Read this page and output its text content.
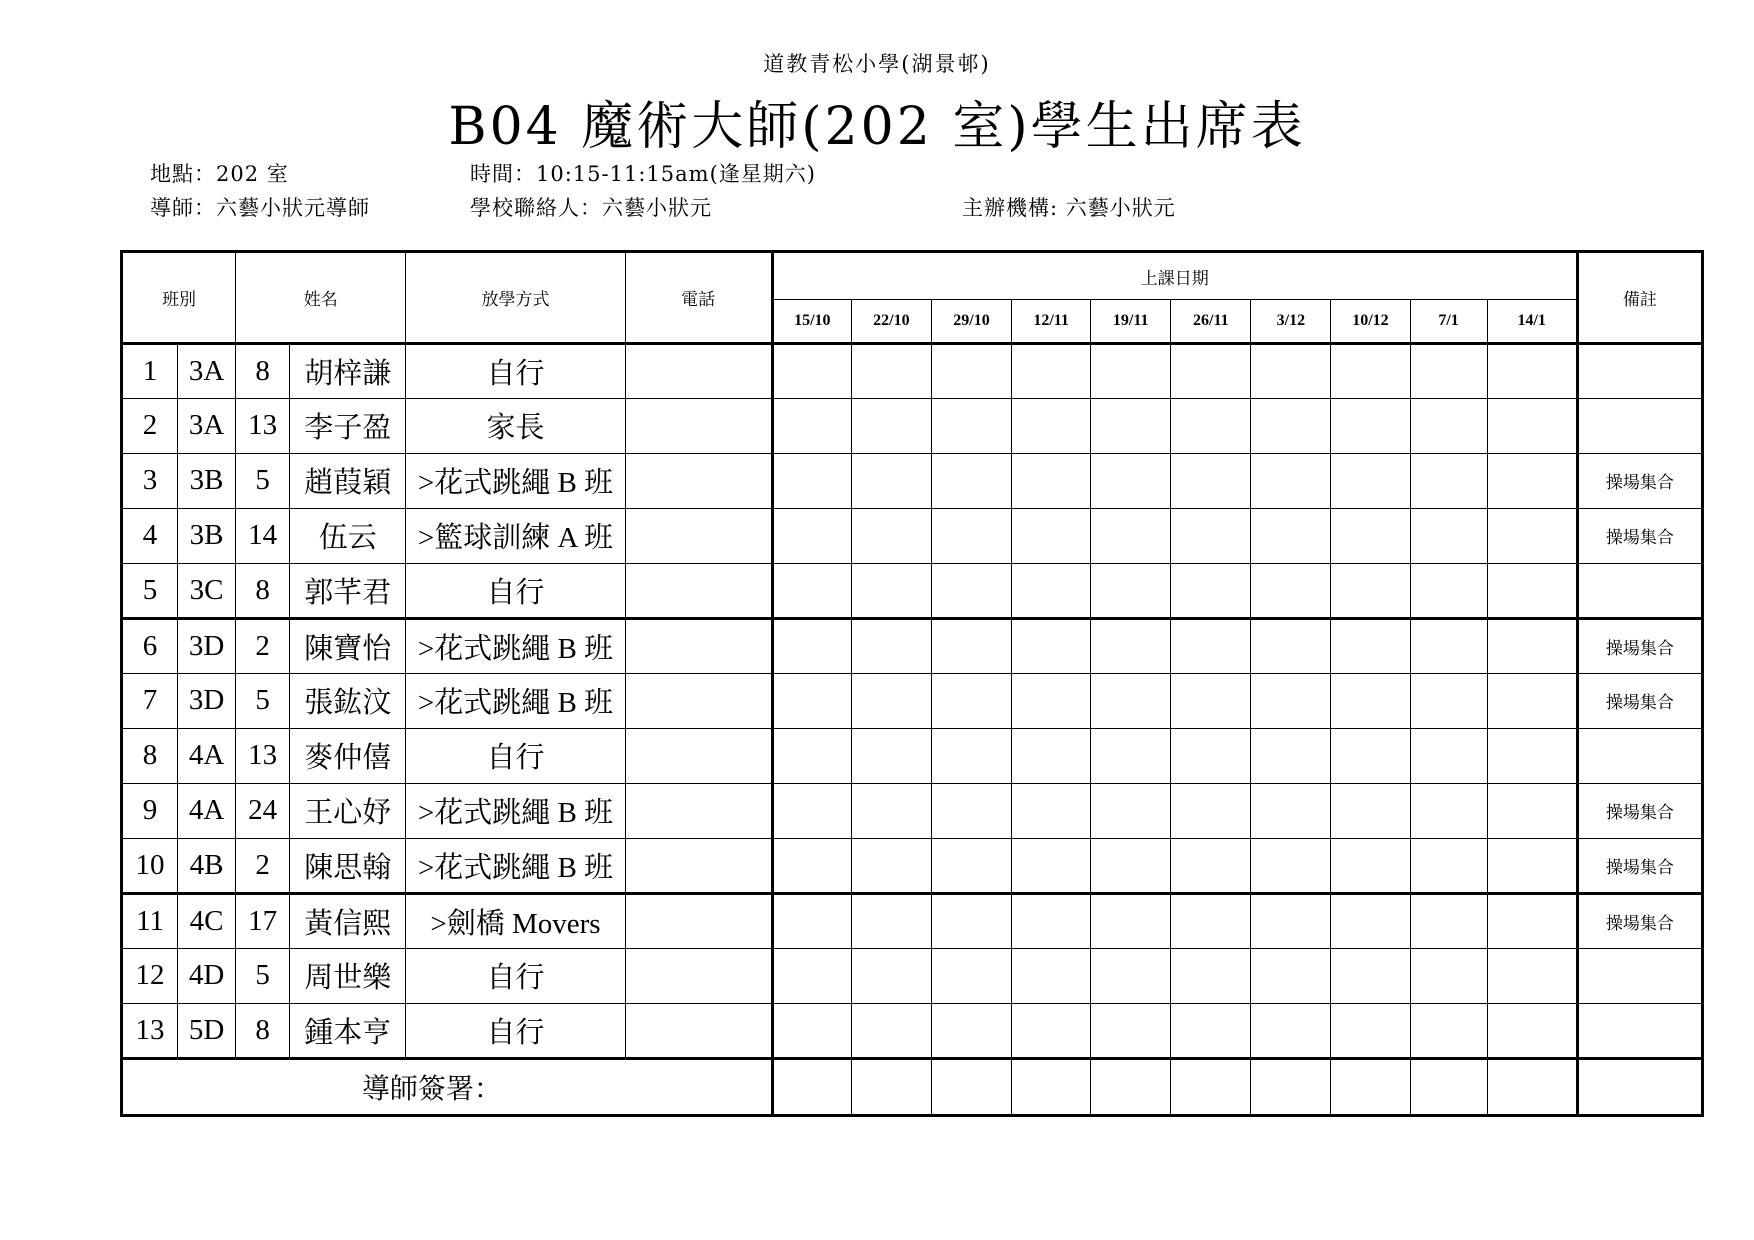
道教青松小學(湖景邨)
B04 魔術大師(202 室)學生出席表
地點：202 室	時間：10:15-11:15am(逢星期六)
導師：六藝小狀元導師	學校聯絡人：六藝小狀元	主辦機構: 六藝小狀元
班別		姓名		放學方式	電話	上課日期										備註
						15/10	22/10	29/10	12/11	19/11	26/11	3/12	10/12	7/1	14/1	
1	3A	8	胡梓謙	自行												
2	3A	13	李子盈	家長												
3	3B	5	趙葭穎	>花式跳繩 B 班												操場集合
4	3B	14	伍云	>籃球訓練 A 班												操場集合
5	3C	8	郭芊君	自行												
6	3D	2	陳寶怡	>花式跳繩 B 班												操場集合
7	3D	5	張鈜汶	>花式跳繩 B 班												操場集合
8	4A	13	麥仲僖	自行												
9	4A	24	王心妤	>花式跳繩 B 班												操場集合
10	4B	2	陳思翰	>花式跳繩 B 班												操場集合
11	4C	17	黃信熙	>劍橋 Movers												操場集合
12	4D	5	周世樂	自行												
13	5D	8	鍾本亨	自行												
導師簽署：																
